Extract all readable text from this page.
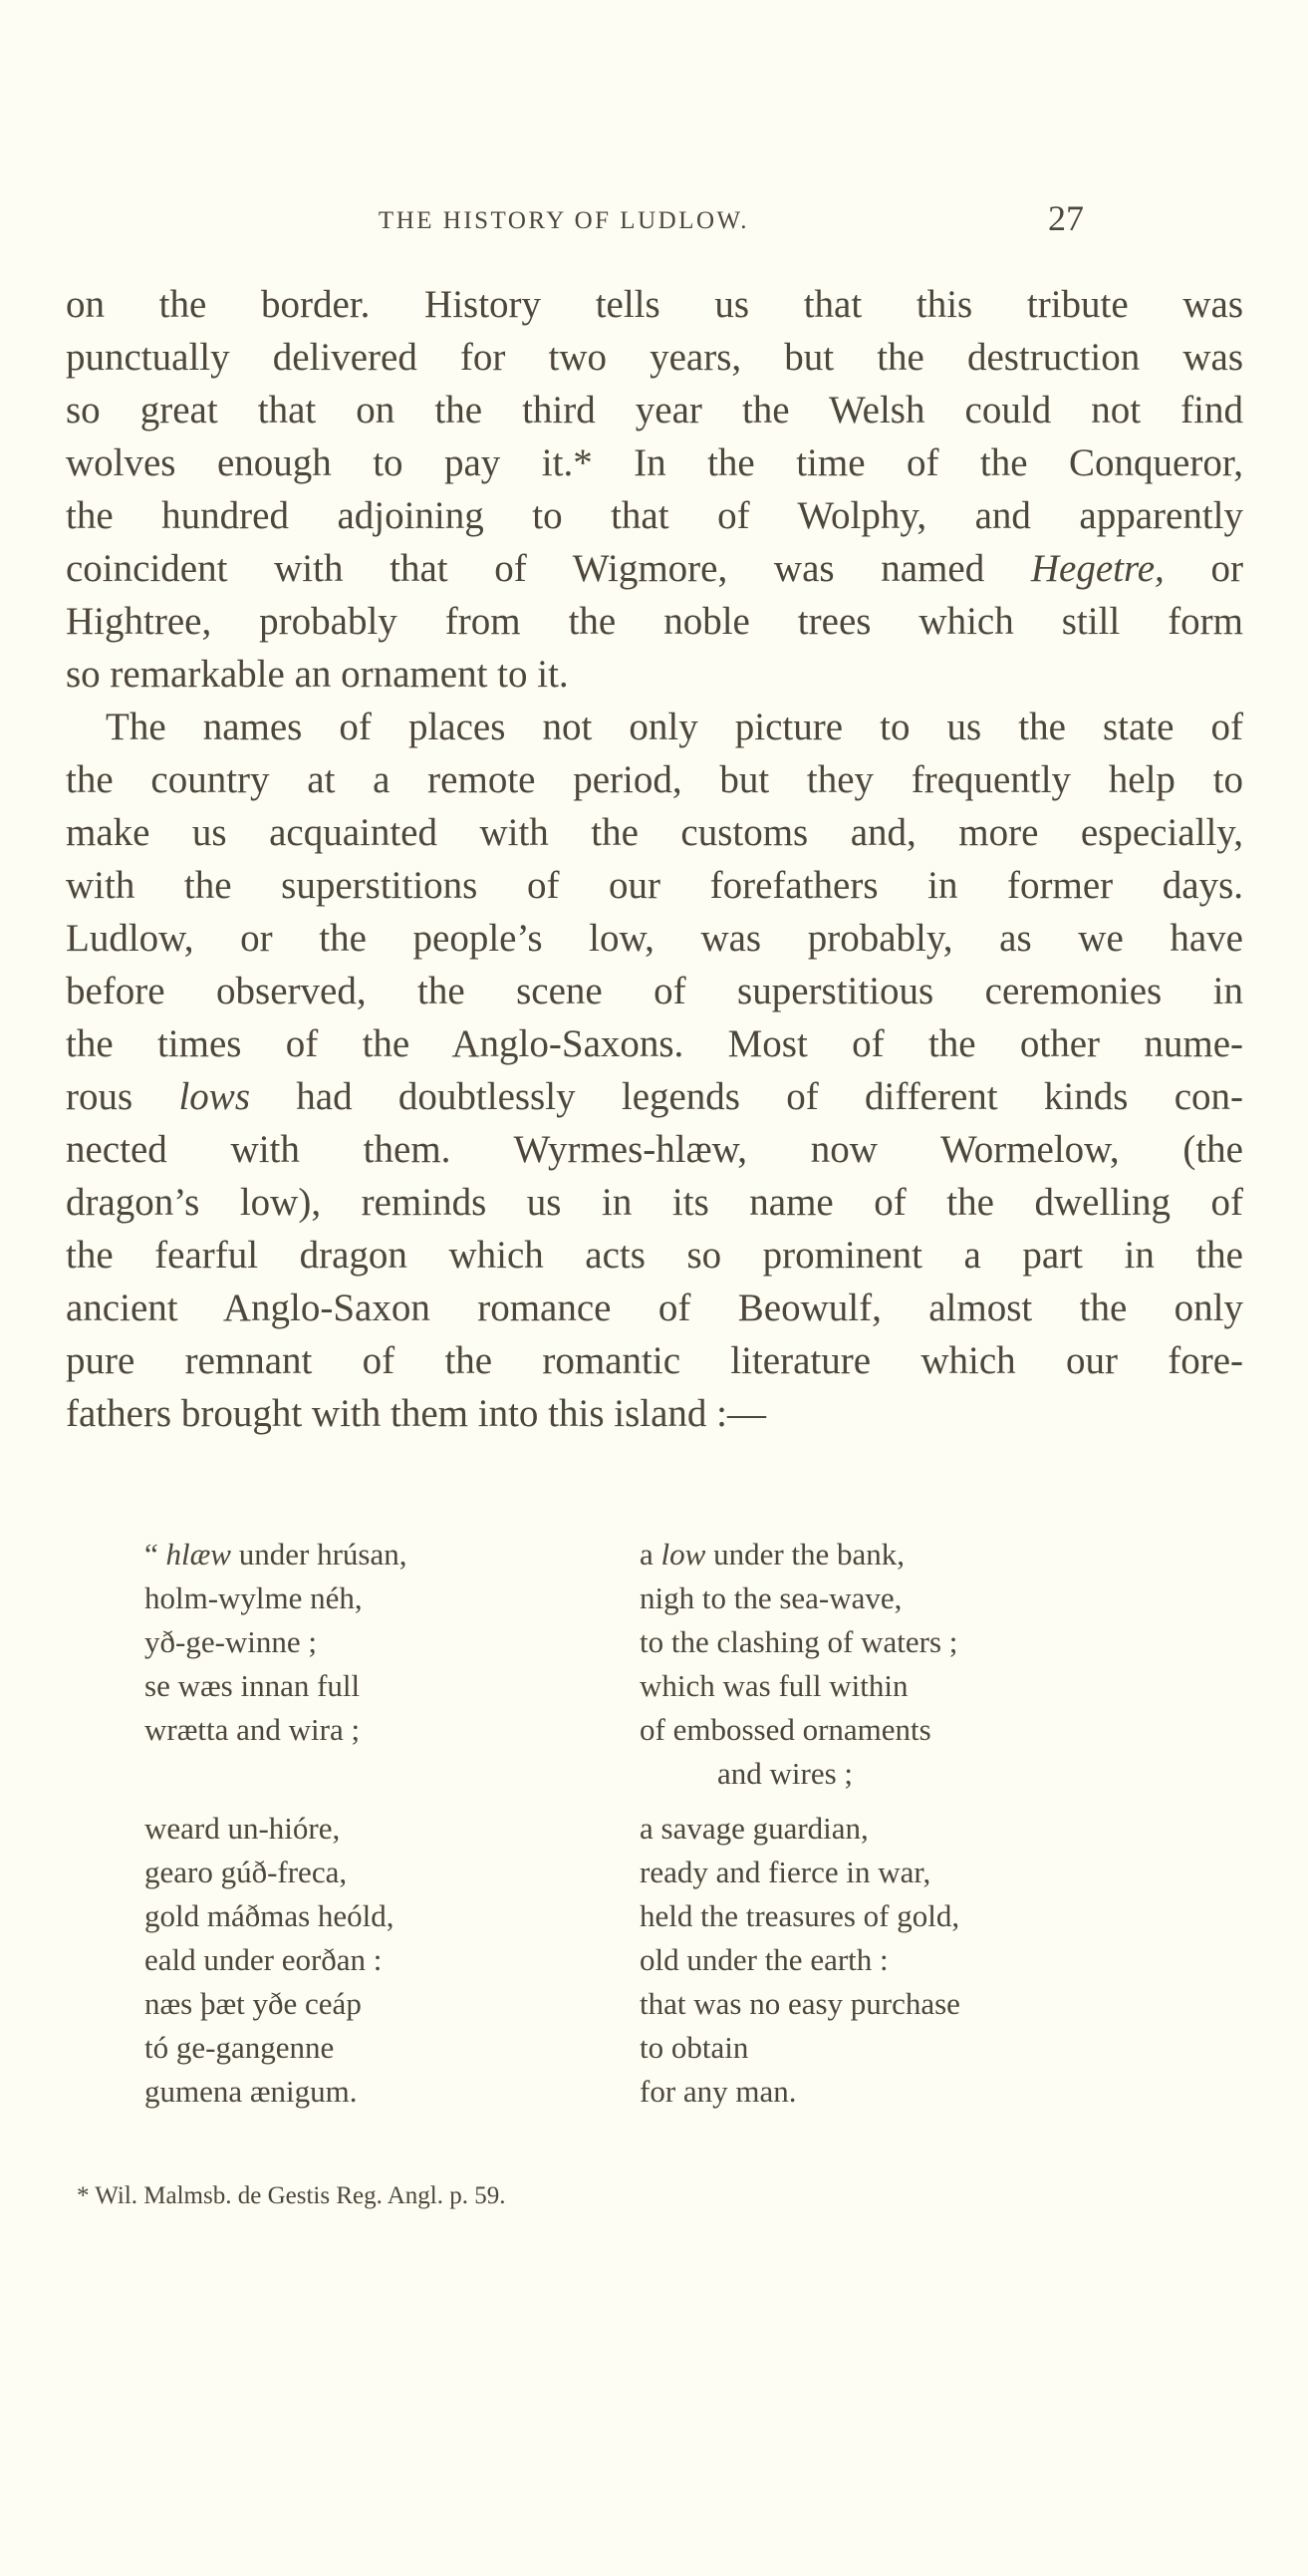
THE HISTORY OF LUDLOW.	27
on the border. History tells us that this tribute was
punctually delivered for two years, but the destruction was
so great that on the third year the Welsh could not find
wolves enough to pay it.* In the time of the Conqueror,
the hundred adjoining to that of Wolphy, and apparently
coincident with that of Wigmore, was named Hegetre, or
Hightree, probably from the noble trees which still form
so remarkable an ornament to it.
The names of places not only picture to us the state of
the country at a remote period, but they frequently help to
make us acquainted with the customs and, more especially,
with the superstitions of our forefathers in former days.
Ludlow, or the people’s low, was probably, as we have
before observed, the scene of superstitious ceremonies in
the times of the Anglo-Saxons. Most of the other nume-
rous lows had doubtlessly legends of different kinds con-
nected with them. Wyrmes-hlæw, now Wormelow, (the
dragon’s low), reminds us in its name of the dwelling of
the fearful dragon which acts so prominent a part in the
ancient Anglo-Saxon romance of Beowulf, almost the only
pure remnant of the romantic literature which our fore-
fathers brought with them into this island :—
“ hlæw under hrúsan,	a low under the bank,
holm-wylme néh,	nigh to the sea-wave,
yð-ge-winne ;	to the clashing of waters ;
se wæs innan full	which was full within
wrætta and wira ;	of embossed ornaments
and wires ;
weard un-hióre,	a savage guardian,
gearo gúð-freca,	ready and fierce in war,
gold máðmas heóld,	held the treasures of gold,
eald under eorðan :	old under the earth :
næs þæt yðe ceáp	that was no easy purchase
tó ge-gangenne	to obtain
gumena ænigum.	for any man.
* Wil. Malmsb. de Gestis Reg. Angl. p. 59.
